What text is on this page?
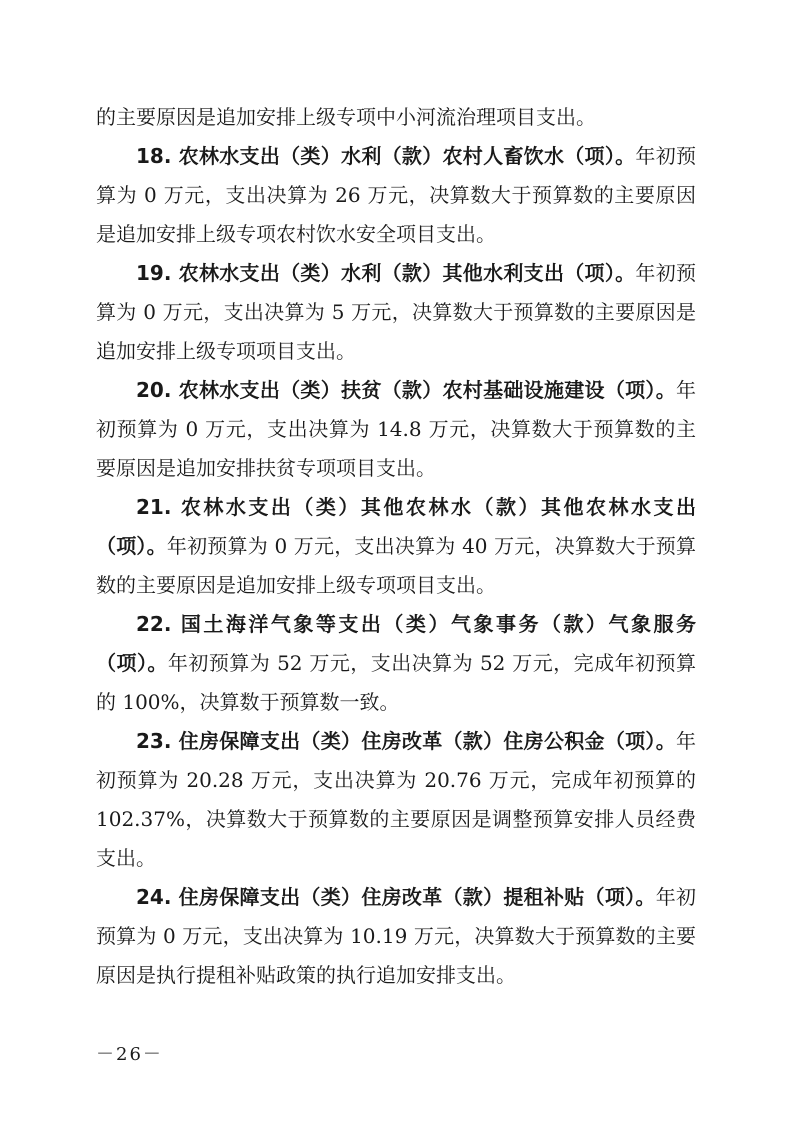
的主要原因是追加安排上级专项中小河流治理项目支出。

18. 农林水支出（类）水利（款）农村人畜饮水（项）。年初预算为 0 万元，支出决算为 26 万元，决算数大于预算数的主要原因是追加安排上级专项农村饮水安全项目支出。

19. 农林水支出（类）水利（款）其他水利支出（项）。年初预算为 0 万元，支出决算为 5 万元，决算数大于预算数的主要原因是追加安排上级专项项目支出。

20. 农林水支出（类）扶贫（款）农村基础设施建设（项）。年初预算为 0 万元，支出决算为 14.8 万元，决算数大于预算数的主要原因是追加安排扶贫专项项目支出。

21. 农林水支出（类）其他农林水（款）其他农林水支出（项）。年初预算为 0 万元，支出决算为 40 万元，决算数大于预算数的主要原因是追加安排上级专项项目支出。

22. 国土海洋气象等支出（类）气象事务（款）气象服务（项）。年初预算为 52 万元，支出决算为 52 万元，完成年初预算的 100%，决算数于预算数一致。

23. 住房保障支出（类）住房改革（款）住房公积金（项）。年初预算为 20.28 万元，支出决算为 20.76 万元，完成年初预算的 102.37%，决算数大于预算数的主要原因是调整预算安排人员经费支出。

24. 住房保障支出（类）住房改革（款）提租补贴（项）。年初预算为 0 万元，支出决算为 10.19 万元，决算数大于预算数的主要原因是执行提租补贴政策的执行追加安排支出。

－26－
